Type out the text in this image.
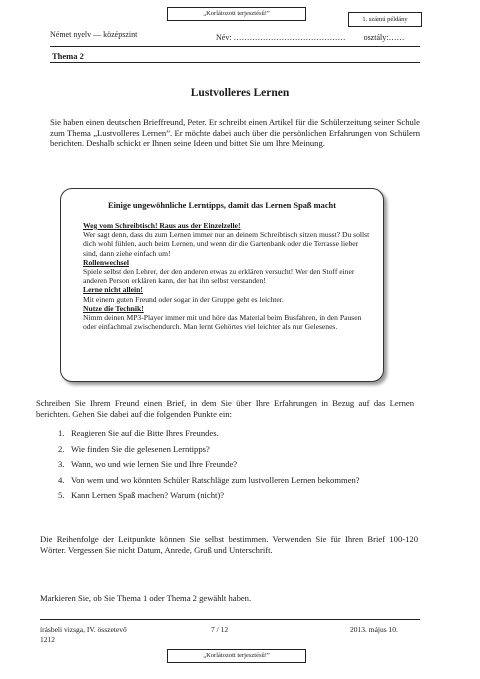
„Korlátozott terjesztésű!”
1. számú példány
Német nyelv — középszint	Név: …………………………………… osztály:……
Thema 2
Lustvolleres Lernen
Sie haben einen deutschen Brieffreund, Peter. Er schreibt einen Artikel für die Schülerzeitung seiner Schule zum Thema „Lustvolleres Lernen”. Er möchte dabei auch über die persönlichen Erfahrungen von Schülern berichten. Deshalb schickt er Ihnen seine Ideen und bittet Sie um Ihre Meinung.
Einige ungewöhnliche Lerntipps, damit das Lernen Spaß macht
Weg vom Schreibtisch! Raus aus der Einzelzelle!
Wer sagt denn, dass du zum Lernen immer nur an deinem Schreibtisch sitzen musst? Du sollst dich wohl fühlen, auch beim Lernen, und wenn dir die Gartenbank oder die Terrasse lieber sind, dann ziehe einfach um!
Rollenwechsel
Spiele selbst den Lehrer, der den anderen etwas zu erklären versucht! Wer den Stoff einer anderen Person erklären kann, der hat ihn selbst verstanden!
Lerne nicht allein!
Mit einem guten Freund oder sogar in der Gruppe geht es leichter.
Nutze die Technik!
Nimm deinen MP3-Player immer mit und höre das Material beim Busfahren, in den Pausen oder einfachmal zwischendurch. Man lernt Gehörtes viel leichter als nur Gelesenes.
Schreiben Sie Ihrem Freund einen Brief, in dem Sie über Ihre Erfahrungen in Bezug auf das Lernen berichten. Gehen Sie dabei auf die folgenden Punkte ein:
1. Reagieren Sie auf die Bitte Ihres Freundes.
2. Wie finden Sie die gelesenen Lerntipps?
3. Wann, wo und wie lernen Sie und Ihre Freunde?
4. Von wem und wo könnten Schüler Ratschläge zum lustvolleren Lernen bekommen?
5. Kann Lernen Spaß machen? Warum (nicht)?
Die Reihenfolge der Leitpunkte können Sie selbst bestimmen. Verwenden Sie für Ihren Brief 100-120 Wörter. Vergessen Sie nicht Datum, Anrede, Gruß und Unterschrift.
Markieren Sie, ob Sie Thema 1 oder Thema 2 gewählt haben.
írásbeli vizsga, IV. összetevő
1212
7 / 12	2013. május 10.
„Korlátozott terjesztésű!”
